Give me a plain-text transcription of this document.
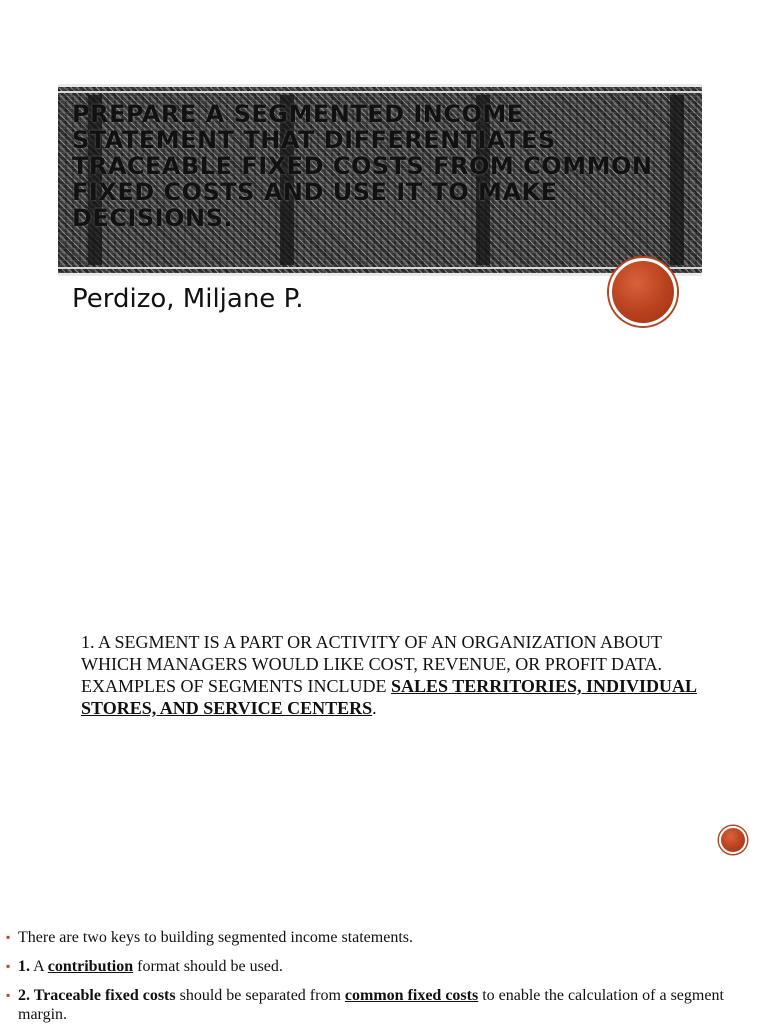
PREPARE A SEGMENTED INCOME STATEMENT THAT DIFFERENTIATES TRACEABLE FIXED COSTS FROM COMMON FIXED COSTS AND USE IT TO MAKE DECISIONS.
Perdizo, Miljane P.

1. A SEGMENT IS A PART OR ACTIVITY OF AN ORGANIZATION ABOUT WHICH MANAGERS WOULD LIKE COST, REVENUE, OR PROFIT DATA. EXAMPLES OF SEGMENTS INCLUDE SALES TERRITORIES, INDIVIDUAL STORES, AND SERVICE CENTERS.

▪ There are two keys to building segmented income statements.
▪ 1. A contribution format should be used.
▪ 2. Traceable fixed costs should be separated from common fixed costs to enable the calculation of a segment margin.
